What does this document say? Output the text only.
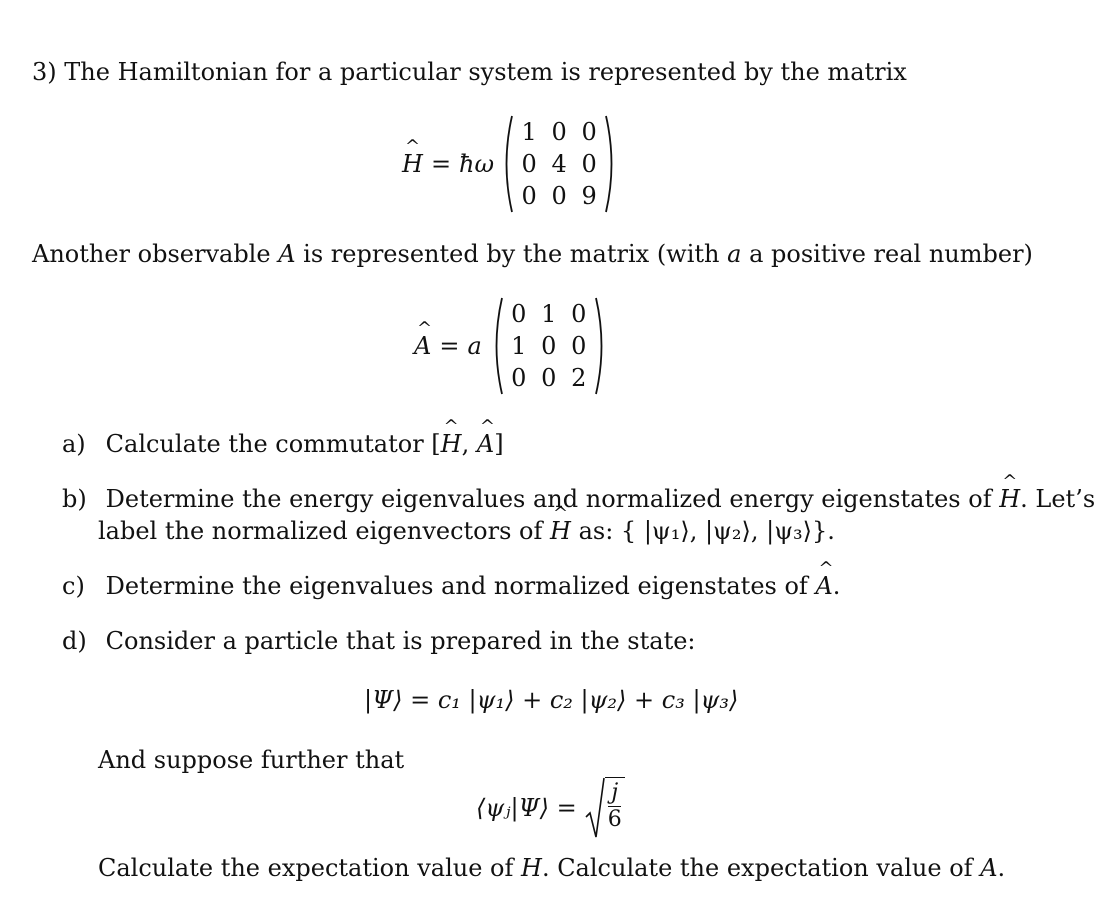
3) The Hamiltonian for a particular system is represented by the matrix
^ H = ħω
1 0 0
0 4 0
0 0 9
Another observable A is represented by the matrix (with a a positive real number)
^ A = a
0 1 0
1 0 0
0 0 2
a) Calculate the commutator [^ H, ^ A]
b) Determine the energy eigenvalues and normalized energy eigenstates of ^ H. Let’s
label the normalized eigenvectors of ^ H as: { |ψ₁⟩, |ψ₂⟩, |ψ₃⟩}.
c) Determine the eigenvalues and normalized eigenstates of ^ A.
d) Consider a particle that is prepared in the state:
|Ψ⟩ = c₁ |ψ₁⟩ + c₂ |ψ₂⟩ + c₃ |ψ₃⟩
And suppose further that
⟨ψⱼ|Ψ⟩ = $\frac{j}{6}$
Calculate the expectation value of H. Calculate the expectation value of A.
